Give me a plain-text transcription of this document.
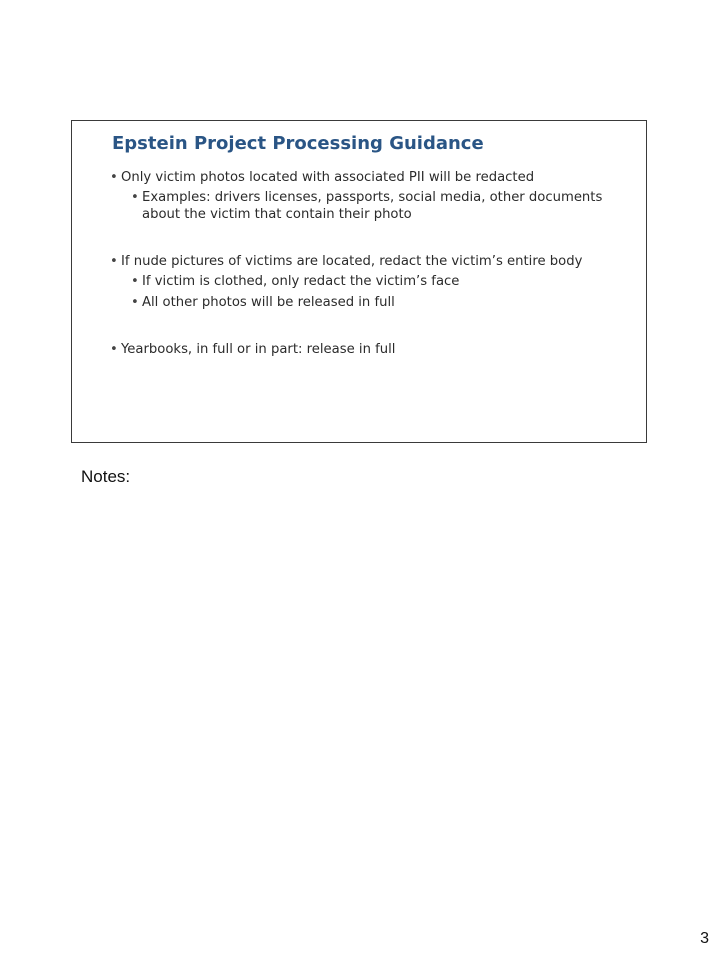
Epstein Project Processing Guidance
• Only victim photos located with associated PII will be redacted
• Examples: drivers licenses, passports, social media, other documents about the victim that contain their photo
• If nude pictures of victims are located, redact the victim’s entire body
• If victim is clothed, only redact the victim’s face
• All other photos will be released in full
• Yearbooks, in full or in part: release in full
Notes:
3
